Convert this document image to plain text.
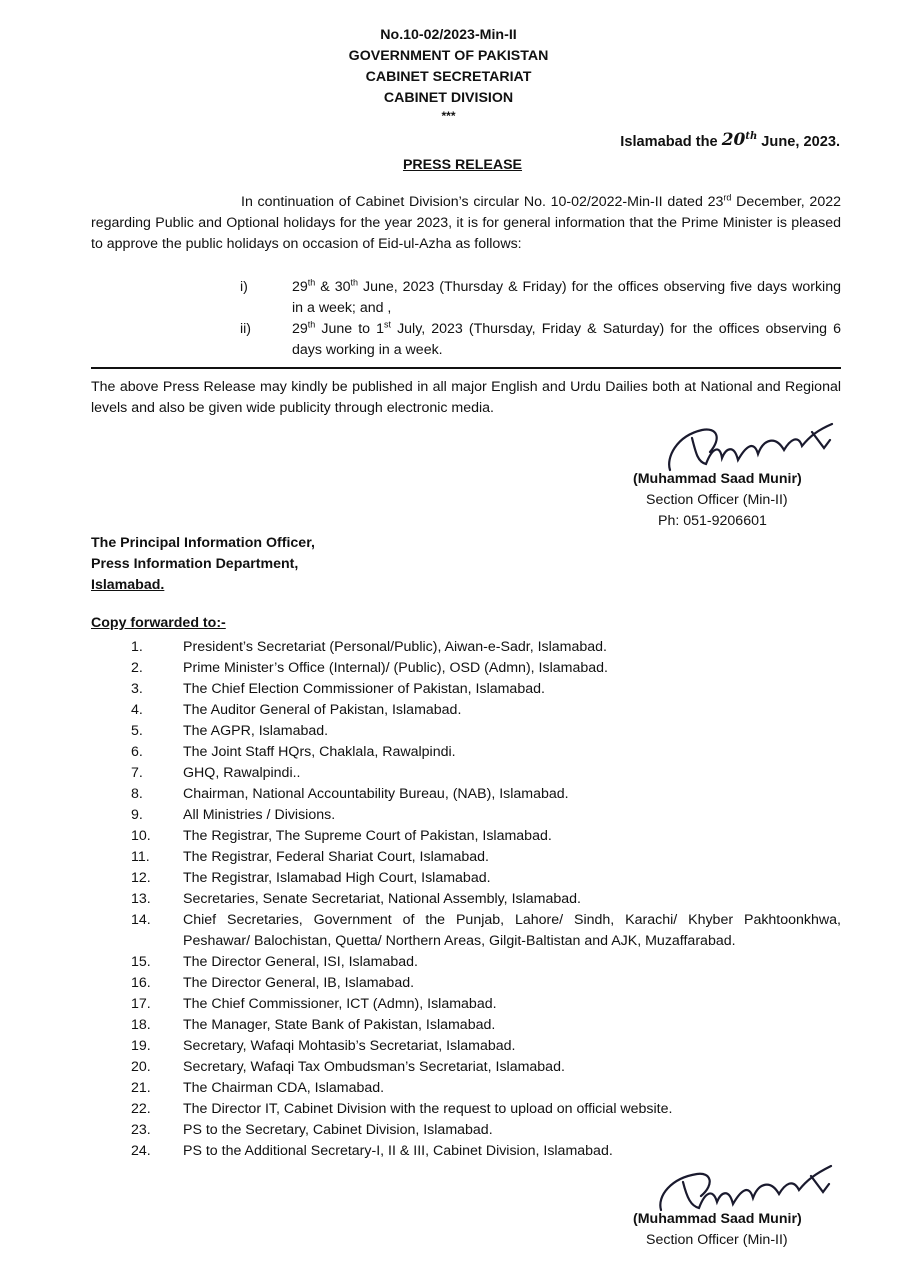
No.10-02/2023-Min-II
GOVERNMENT OF PAKISTAN
CABINET SECRETARIAT
CABINET DIVISION
***
Islamabad the 20th June, 2023.
PRESS RELEASE
In continuation of Cabinet Division’s circular No. 10-02/2022-Min-II dated 23rd December, 2022 regarding Public and Optional holidays for the year 2023, it is for general information that the Prime Minister is pleased to approve the public holidays on occasion of Eid-ul-Azha as follows:
i)	29th & 30th June, 2023 (Thursday & Friday) for the offices observing five days working in a week; and ,
ii)	29th June to 1st July, 2023 (Thursday, Friday & Saturday) for the offices observing 6 days working in a week.
The above Press Release may kindly be published in all major English and Urdu Dailies both at National and Regional levels and also be given wide publicity through electronic media.
(Muhammad Saad Munir)
Section Officer (Min-II)
Ph: 051-9206601
The Principal Information Officer,
Press Information Department,
Islamabad.
Copy forwarded to:-
1.	President’s Secretariat (Personal/Public), Aiwan-e-Sadr, Islamabad.
2.	Prime Minister’s Office (Internal)/ (Public), OSD (Admn), Islamabad.
3.	The Chief Election Commissioner of Pakistan, Islamabad.
4.	The Auditor General of Pakistan, Islamabad.
5.	The AGPR, Islamabad.
6.	The Joint Staff HQrs, Chaklala, Rawalpindi.
7.	GHQ, Rawalpindi..
8.	Chairman, National Accountability Bureau, (NAB), Islamabad.
9.	All Ministries / Divisions.
10.	The Registrar, The Supreme Court of Pakistan, Islamabad.
11.	The Registrar, Federal Shariat Court, Islamabad.
12.	The Registrar, Islamabad High Court, Islamabad.
13.	Secretaries, Senate Secretariat, National Assembly, Islamabad.
14.	Chief Secretaries, Government of the Punjab, Lahore/ Sindh, Karachi/ Khyber Pakhtoonkhwa, Peshawar/ Balochistan, Quetta/ Northern Areas, Gilgit-Baltistan and AJK, Muzaffarabad.
15.	The Director General, ISI, Islamabad.
16.	The Director General, IB, Islamabad.
17.	The Chief Commissioner, ICT (Admn), Islamabad.
18.	The Manager, State Bank of Pakistan, Islamabad.
19.	Secretary, Wafaqi Mohtasib’s Secretariat, Islamabad.
20.	Secretary, Wafaqi Tax Ombudsman’s Secretariat, Islamabad.
21.	The Chairman CDA, Islamabad.
22.	The Director IT, Cabinet Division with the request to upload on official website.
23.	PS to the Secretary, Cabinet Division, Islamabad.
24.	PS to the Additional Secretary-I, II & III, Cabinet Division, Islamabad.
(Muhammad Saad Munir)
Section Officer (Min-II)
